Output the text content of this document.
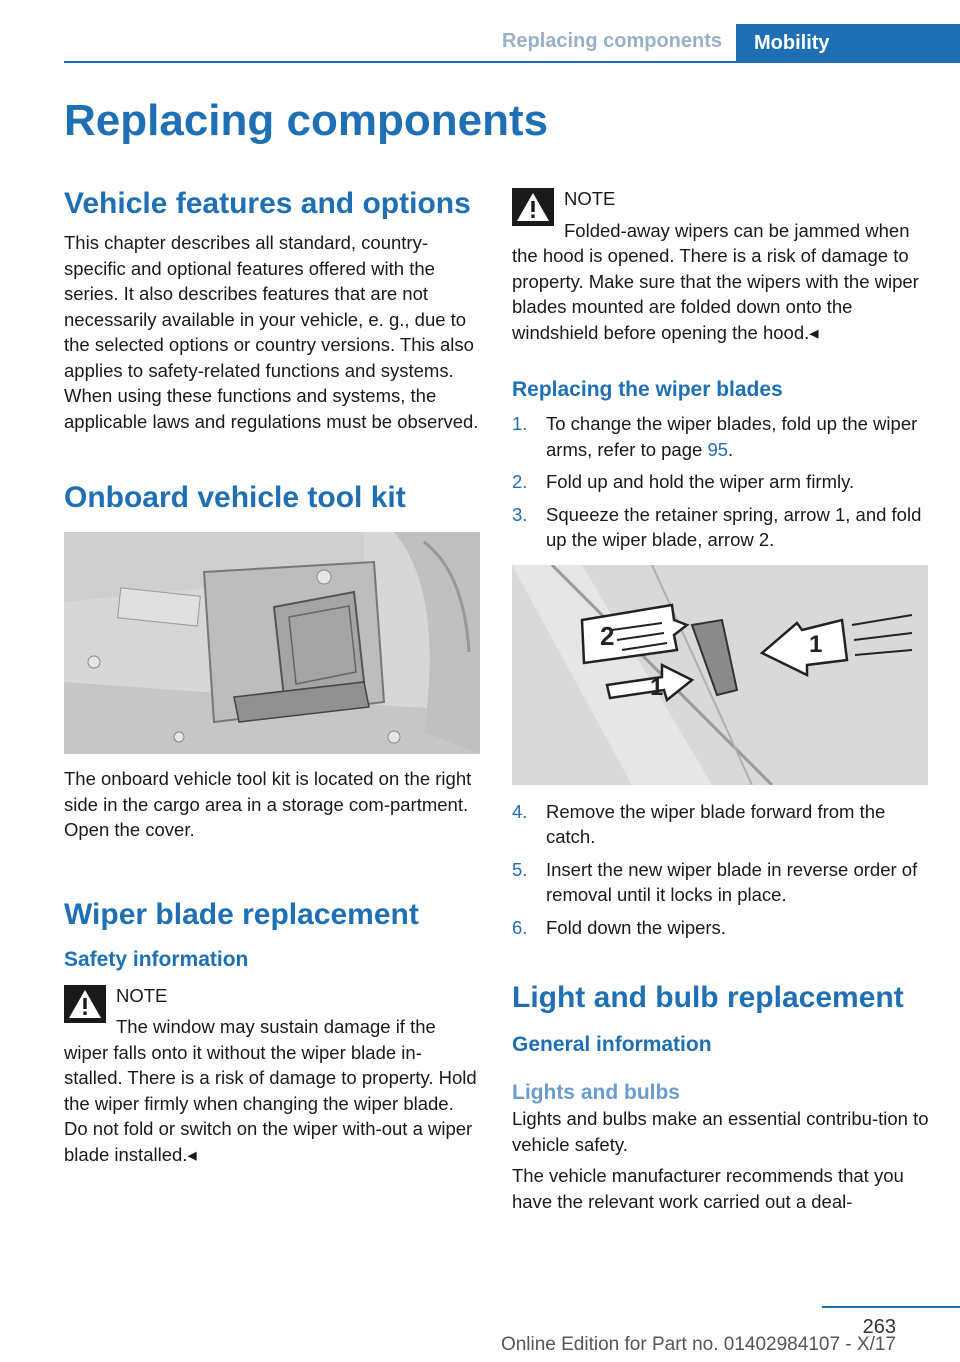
Replacing components Mobility
Replacing components
Vehicle features and options

This chapter describes all standard, country-specific and optional features offered with the series. It also describes features that are not necessarily available in your vehicle, e. g., due to the selected options or country versions. This also applies to safety-related functions and systems. When using these functions and systems, the applicable laws and regulations must be observed.

Onboard vehicle tool kit

The onboard vehicle tool kit is located on the right side in the cargo area in a storage com-partment. Open the cover.

Wiper blade replacement
Safety information
NOTE

The window may sustain damage if the wiper falls onto it without the wiper blade in-stalled. There is a risk of damage to property. Hold the wiper firmly when changing the wiper blade. Do not fold or switch on the wiper with-out a wiper blade installed.◂

NOTE

Folded-away wipers can be jammed when the hood is opened. There is a risk of damage to property. Make sure that the wipers with the wiper blades mounted are folded down onto the windshield before opening the hood.◂

Replacing the wiper blades
1.	To change the wiper blades, fold up the wiper arms, refer to page 95.
2.	Fold up and hold the wiper arm firmly.
3.	Squeeze the retainer spring, arrow 1, and fold up the wiper blade, arrow 2.
2	1
1
4.	Remove the wiper blade forward from the catch.
5.	Insert the new wiper blade in reverse order of removal until it locks in place.
6.	Fold down the wipers.
Light and bulb replacement
General information
Lights and bulbs

Lights and bulbs make an essential contribu-tion to vehicle safety.

The vehicle manufacturer recommends that you have the relevant work carried out a deal-

263
Online Edition for Part no. 01402984107 - X/17
